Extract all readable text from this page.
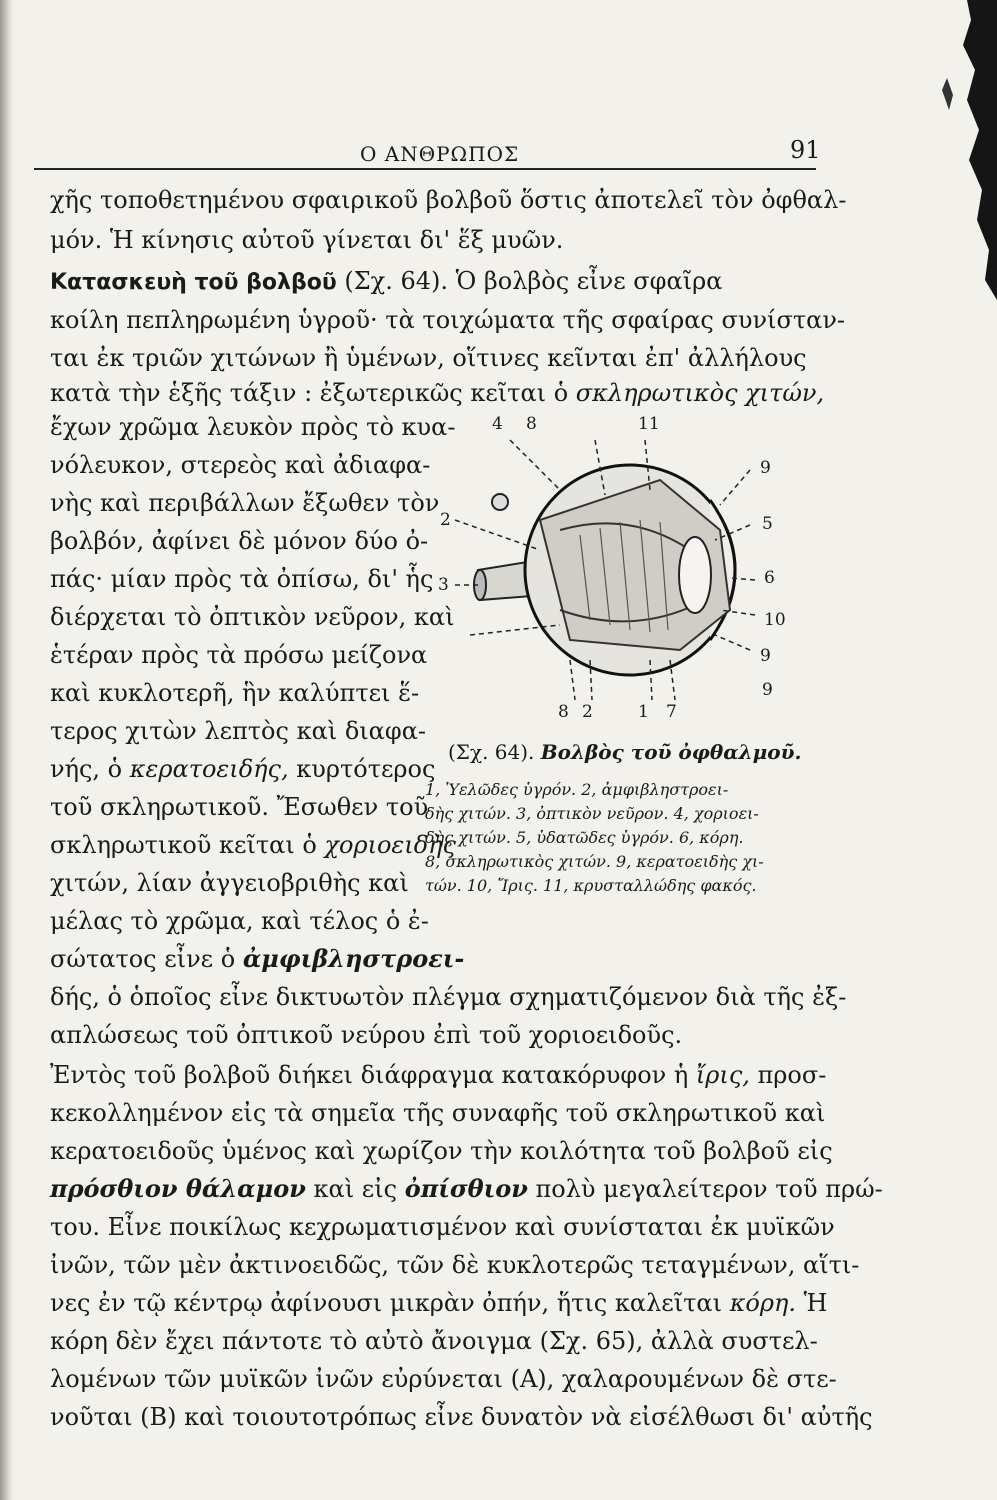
Ο ΑΝΘΡΩΠΟΣ	91
χῆς τοποθετημένου σφαιρικοῦ βολβοῦ ὅστις ἀποτελεῖ τὸν ὀφθαλ-
μόν. Ἡ κίνησις αὐτοῦ γίνεται δι' ἕξ μυῶν.
Κατασκευὴ τοῦ βολβοῦ (Σχ. 64). Ὁ βολβὸς εἶνε σφαῖρα
κοίλη πεπληρωμένη ὑγροῦ· τὰ τοιχώματα τῆς σφαίρας συνίσταν-
ται ἐκ τριῶν χιτώνων ἢ ὑμένων, οἵτινες κεῖνται ἐπ' ἀλλήλους
κατὰ τὴν ἑξῆς τάξιν : ἐξωτερικῶς κεῖται ὁ σκληρωτικὸς χιτών,
ἔχων χρῶμα λευκὸν πρὸς τὸ κυα-
νόλευκον, στερεὸς καὶ ἀδιαφα-
νὴς καὶ περιβάλλων ἔξωθεν τὸν
βολβόν, ἀφίνει δὲ μόνον δύο ὀ-
πάς· μίαν πρὸς τὰ ὀπίσω, δι' ἧς
διέρχεται τὸ ὀπτικὸν νεῦρον, καὶ
ἑτέραν πρὸς τὰ πρόσω μείζονα
καὶ κυκλοτερῆ, ἣν καλύπτει ἕ-
τερος χιτὼν λεπτὸς καὶ διαφα-
νής, ὁ κερατοειδής, κυρτότερος
τοῦ σκληρωτικοῦ. Ἔσωθεν τοῦ
σκληρωτικοῦ κεῖται ὁ χοριοειδὴς
χιτών, λίαν ἀγγειοβριθὴς καὶ
μέλας τὸ χρῶμα, καὶ τέλος ὁ ἐ-
σώτατος εἶνε ὁ ἀμφιβληστροει-
δής, ὁ ὁποῖος εἶνε δικτυωτὸν πλέγμα σχηματιζόμενον διὰ τῆς ἐξ-
απλώσεως τοῦ ὀπτικοῦ νεύρου ἐπὶ τοῦ χοριοειδοῦς.
Ἐντὸς τοῦ βολβοῦ διήκει διάφραγμα κατακόρυφον ἡ ἴρις, προσ-
κεκολλημένον εἰς τὰ σημεῖα τῆς συναφῆς τοῦ σκληρωτικοῦ καὶ
κερατοειδοῦς ὑμένος καὶ χωρίζον τὴν κοιλότητα τοῦ βολβοῦ εἰς
πρόσθιον θάλαμον καὶ εἰς ὀπίσθιον πολὺ μεγαλείτερον τοῦ πρώ-
του. Εἶνε ποικίλως κεχρωματισμένον καὶ συνίσταται ἐκ μυϊκῶν
ἰνῶν, τῶν μὲν ἀκτινοειδῶς, τῶν δὲ κυκλοτερῶς τεταγμένων, αἵτι-
νες ἐν τῷ κέντρῳ ἀφίνουσι μικρὰν ὀπήν, ἥτις καλεῖται κόρη. Ἡ
κόρη δὲν ἔχει πάντοτε τὸ αὐτὸ ἄνοιγμα (Σχ. 65), ἀλλὰ συστελ-
λομένων τῶν μυϊκῶν ἰνῶν εὐρύνεται (Α), χαλαρουμένων δὲ στε-
νοῦται (Β) καὶ τοιουτοτρόπως εἶνε δυνατὸν νὰ εἰσέλθωσι δι' αὐτῆς
4 8	11
9
5
6
10
9
9
2
3
8 2	1 7
(Σχ. 64). Βολβὸς τοῦ ὀφθαλμοῦ.
1, Ὑελῶδες ὑγρόν. 2, ἀμφιβληστροει-
δὴς χιτών. 3, ὀπτικὸν νεῦρον. 4, χοριοει-
δὴς χιτών. 5, ὑδατῶδες ὑγρόν. 6, κόρη.
8, σκληρωτικὸς χιτών. 9, κερατοειδὴς χι-
τών. 10, Ἴρις. 11, κρυσταλλώδης φακός.
